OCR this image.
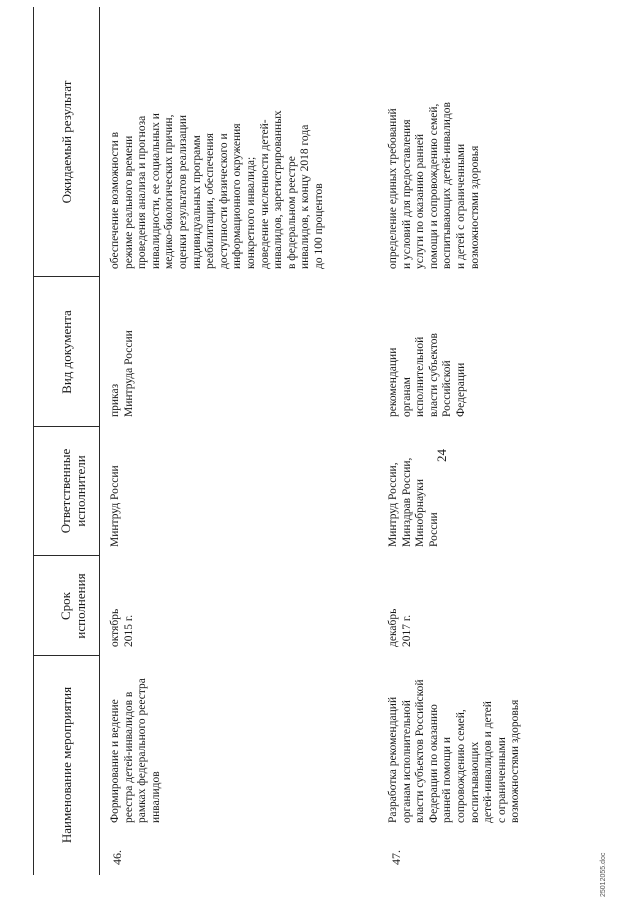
24
Наименование мероприятия
Срок
исполнения
Ответственные
исполнители
Вид документа
Ожидаемый результат
46.
Формирование и ведение
реестра детей-инвалидов в
рамках федерального реестра
инвалидов
октябрь
2015 г.
Минтруд России
приказ
Минтруда России
обеспечение возможности в
режиме реального времени
проведения анализа и прогноза
инвалидности, ее социальных и
медико-биологических причин,
оценки результатов реализации
индивидуальных программ
реабилитации, обеспечения
доступности физического и
информационного окружения
конкретного инвалида;
доведение численности детей-
инвалидов, зарегистрированных
в федеральном реестре
инвалидов, к концу 2018 года
до 100 процентов
47.
Разработка рекомендаций
органам исполнительной
власти субъектов Российской
Федерации по оказанию
ранней помощи и
сопровождению семей,
воспитывающих
детей-инвалидов и детей
с ограниченными
возможностями здоровья
декабрь
2017 г.
Минтруд России,
Минздрав России,
Минобрнауки
России
рекомендации
органам
исполнительной
власти субъектов
Российской
Федерации
определение единых требований
и условий для предоставления
услуги по оказанию ранней
помощи и сопровождению семей,
воспитывающих детей-инвалидов
и детей с ограниченными
возможностями здоровья
25012055.doc
